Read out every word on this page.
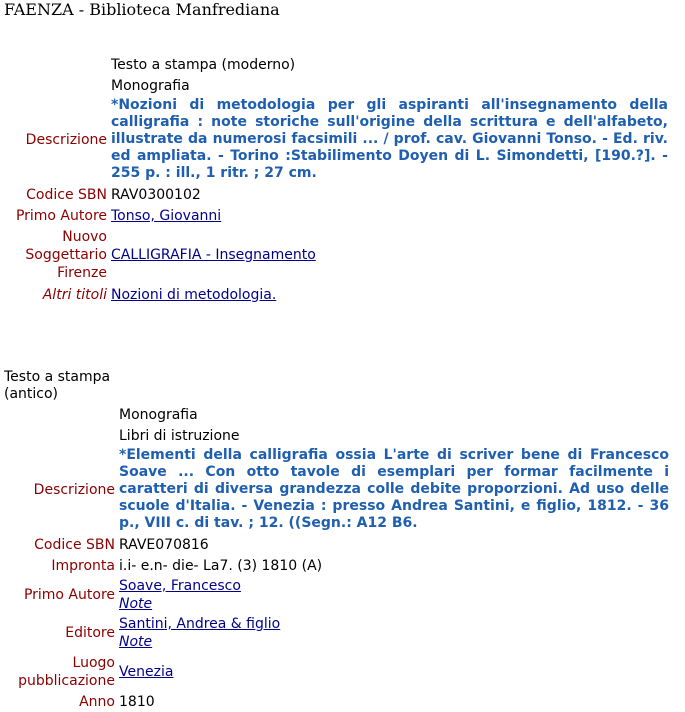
FAENZA - Biblioteca Manfrediana
Testo a stampa (moderno)
Monografia
Descrizione
*Nozioni di metodologia per gli aspiranti all'insegnamento della calligrafia : note storiche sull'origine della scrittura e dell'alfabeto, illustrate da numerosi facsimili ... / prof. cav. Giovanni Tonso. - Ed. riv. ed ampliata. - Torino :Stabilimento Doyen di L. Simondetti, [190.?]. - 255 p. : ill., 1 ritr. ; 27 cm.
Codice SBN RAV0300102
Primo Autore Tonso, Giovanni
Nuovo
Soggettario
Firenze
CALLIGRAFIA - Insegnamento
Altri titoli Nozioni di metodologia.
Testo a stampa
(antico)
Monografia
Libri di istruzione
Descrizione
*Elementi della calligrafia ossia L'arte di scriver bene di Francesco Soave ... Con otto tavole di esemplari per formar facilmente i caratteri di diversa grandezza colle debite proporzioni. Ad uso delle scuole d'Italia. - Venezia : presso Andrea Santini, e figlio, 1812. - 36 p., VIII c. di tav. ; 12. ((Segn.: A12 B6.
Codice SBN RAVE070816
Impronta i.i- e.n- die- La7. (3) 1810 (A)
Primo Autore
Soave, Francesco
Note
Editore
Santini, Andrea & figlio
Note
Luogo
pubblicazione
Venezia
Anno 1810
